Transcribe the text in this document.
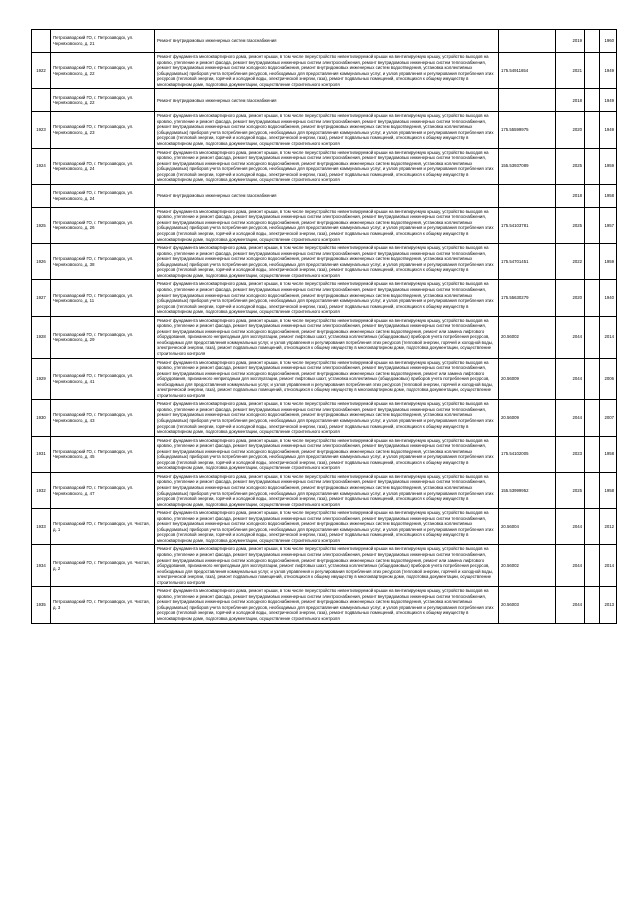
	Петрозаводский ГО, г. Петрозаводск, ул. Черняховского, д. 21	Ремонт внутридомовых инженерных систем газоснабжения		2019		1960
1922	Петрозаводский ГО, г. Петрозаводск, ул. Черняховского, д. 22	Ремонт фундамента многоквартирного дома, ремонт крыши, в том числе переустройство невентилируемой крыши на вентилируемую крышу, устройство выходов на кровлю, утепление и ремонт фасада, ремонт внутридомовых инженерных систем электроснабжения, ремонт внутридомовых инженерных систем теплоснабжения, ремонт внутридомовых инженерных систем холодного водоснабжения, ремонт внутридомовых инженерных систем водоотведения, установка коллективных (общедомовых) приборов учета потребления ресурсов, необходимых для предоставления коммунальных услуг, и узлов управления и регулирования потребления этих ресурсов (тепловой энергии, горячей и холодной воды, электрической энергии, газа), ремонт подвальных помещений, относящихся к общему имуществу в многоквартирном доме, подготовка документации, осуществление строительного контроля	175.54911654	2021		1949
	Петрозаводский ГО, г. Петрозаводск, ул. Черняховского, д. 22	Ремонт внутридомовых инженерных систем газоснабжения		2018		1949
1923	Петрозаводский ГО, г. Петрозаводск, ул. Черняховского, д. 23	Ремонт фундамента многоквартирного дома, ремонт крыши, в том числе переустройство невентилируемой крыши на вентилируемую крышу, устройство выходов на кровлю, утепление и ремонт фасада, ремонт внутридомовых инженерных систем электроснабжения, ремонт внутридомовых инженерных систем теплоснабжения, ремонт внутридомовых инженерных систем холодного водоснабжения, ремонт внутридомовых инженерных систем водоотведения, установка коллективных (общедомовых) приборов учета потребления ресурсов, необходимых для предоставления коммунальных услуг, и узлов управления и регулирования потребления этих ресурсов (тепловой энергии, горячей и холодной воды, электрической энергии, газа), ремонт подвальных помещений, относящихся к общему имуществу в многоквартирном доме, подготовка документации, осуществление строительного контроля	175.55599975	2020		1949
1924	Петрозаводский ГО, г. Петрозаводск, ул. Черняховского, д. 24	Ремонт фундамента многоквартирного дома, ремонт крыши, в том числе переустройство невентилируемой крыши на вентилируемую крышу, устройство выходов на кровлю, утепление и ремонт фасада, ремонт внутридомовых инженерных систем электроснабжения, ремонт внутридомовых инженерных систем теплоснабжения, ремонт внутридомовых инженерных систем холодного водоснабжения, ремонт внутридомовых инженерных систем водоотведения, установка коллективных (общедомовых) приборов учета потребления ресурсов, необходимых для предоставления коммунальных услуг, и узлов управления и регулирования потребления этих ресурсов (тепловой энергии, горячей и холодной воды, электрической энергии, газа), ремонт подвальных помещений, относящихся к общему имуществу в многоквартирном доме, подготовка документации, осуществление строительного контроля	155.53937089	2025		1959
	Петрозаводский ГО, г. Петрозаводск, ул. Черняховского, д. 24	Ремонт внутридомовых инженерных систем газоснабжения		2018		1958
1925	Петрозаводский ГО, г. Петрозаводск, ул. Черняховского, д. 26	Ремонт фундамента многоквартирного дома, ремонт крыши, в том числе переустройство невентилируемой крыши на вентилируемую крышу, устройство выходов на кровлю, утепление и ремонт фасада, ремонт внутридомовых инженерных систем электроснабжения, ремонт внутридомовых инженерных систем теплоснабжения, ремонт внутридомовых инженерных систем холодного водоснабжения, ремонт внутридомовых инженерных систем водоотведения, установка коллективных (общедомовых) приборов учета потребления ресурсов, необходимых для предоставления коммунальных услуг, и узлов управления и регулирования потребления этих ресурсов (тепловой энергии, горячей и холодной воды, электрической энергии, газа), ремонт подвальных помещений, относящихся к общему имуществу в многоквартирном доме, подготовка документации, осуществление строительного контроля	175.54103781	2025		1957
1926	Петрозаводский ГО, г. Петрозаводск, ул. Черняховского, д. 38	Ремонт фундамента многоквартирного дома, ремонт крыши, в том числе переустройство невентилируемой крыши на вентилируемую крышу, устройство выходов на кровлю, утепление и ремонт фасада, ремонт внутридомовых инженерных систем электроснабжения, ремонт внутридомовых инженерных систем теплоснабжения, ремонт внутридомовых инженерных систем холодного водоснабжения, ремонт внутридомовых инженерных систем водоотведения, установка коллективных (общедомовых) приборов учета потребления ресурсов, необходимых для предоставления коммунальных услуг, и узлов управления и регулирования потребления этих ресурсов (тепловой энергии, горячей и холодной воды, электрической энергии, газа), ремонт подвальных помещений, относящихся к общему имуществу в многоквартирном доме, подготовка документации, осуществление строительного контроля	175.54701451	2022		1959
1927	Петрозаводский ГО, г. Петрозаводск, ул. Черняховского, д. 11	Ремонт фундамента многоквартирного дома, ремонт крыши, в том числе переустройство невентилируемой крыши на вентилируемую крышу, устройство выходов на кровлю, утепление и ремонт фасада, ремонт внутридомовых инженерных систем электроснабжения, ремонт внутридомовых инженерных систем теплоснабжения, ремонт внутридомовых инженерных систем холодного водоснабжения, ремонт внутридомовых инженерных систем водоотведения, установка коллективных (общедомовых) приборов учета потребления ресурсов, необходимых для предоставления коммунальных услуг, и узлов управления и регулирования потребления этих ресурсов (тепловой энергии, горячей и холодной воды, электрической энергии, газа), ремонт подвальных помещений, относящихся к общему имуществу в многоквартирном доме, подготовка документации, осуществление строительного контроля	175.55630279	2020		1940
1928	Петрозаводский ГО, г. Петрозаводск, ул. Черняховского, д. 29	Ремонт фундамента многоквартирного дома, ремонт крыши, в том числе переустройство невентилируемой крыши на вентилируемую крышу, устройство выходов на кровлю, утепление и ремонт фасада, ремонт внутридомовых инженерных систем электроснабжения, ремонт внутридомовых инженерных систем теплоснабжения, ремонт внутридомовых инженерных систем холодного водоснабжения, ремонт внутридомовых инженерных систем водоотведения, ремонт или замена лифтового оборудования, признанного непригодным для эксплуатации, ремонт лифтовых шахт, установка коллективных (общедомовых) приборов учета потребления ресурсов, необходимых для предоставления коммунальных услуг, и узлов управления и регулирования потребления этих ресурсов (тепловой энергии, горячей и холодной воды, электрической энергии, газа), ремонт подвальных помещений, относящихся к общему имуществу в многоквартирном доме, подготовка документации, осуществление строительного контроля	20.56002	2044		2014
1929	Петрозаводский ГО, г. Петрозаводск, ул. Черняховского, д. 41	Ремонт фундамента многоквартирного дома, ремонт крыши, в том числе переустройство невентилируемой крыши на вентилируемую крышу, устройство выходов на кровлю, утепление и ремонт фасада, ремонт внутридомовых инженерных систем электроснабжения, ремонт внутридомовых инженерных систем теплоснабжения, ремонт внутридомовых инженерных систем холодного водоснабжения, ремонт внутридомовых инженерных систем водоотведения, ремонт или замена лифтового оборудования, признанного непригодным для эксплуатации, ремонт лифтовых шахт, установка коллективных (общедомовых) приборов учета потребления ресурсов, необходимых для предоставления коммунальных услуг, и узлов управления и регулирования потребления этих ресурсов (тепловой энергии, горячей и холодной воды, электрической энергии, газа), ремонт подвальных помещений, относящихся к общему имуществу в многоквартирном доме, подготовка документации, осуществление строительного контроля	20.56009	2044		2006
1930	Петрозаводский ГО, г. Петрозаводск, ул. Черняховского, д. 43	Ремонт фундамента многоквартирного дома, ремонт крыши, в том числе переустройство невентилируемой крыши на вентилируемую крышу, устройство выходов на кровлю, утепление и ремонт фасада, ремонт внутридомовых инженерных систем электроснабжения, ремонт внутридомовых инженерных систем теплоснабжения, ремонт внутридомовых инженерных систем холодного водоснабжения, ремонт внутридомовых инженерных систем водоотведения, установка коллективных (общедомовых) приборов учета потребления ресурсов, необходимых для предоставления коммунальных услуг, и узлов управления и регулирования потребления этих ресурсов (тепловой энергии, горячей и холодной воды, электрической энергии, газа), ремонт подвальных помещений, относящихся к общему имуществу в многоквартирном доме, подготовка документации, осуществление строительного контроля	20.56009	2044		2007
1931	Петрозаводский ГО, г. Петрозаводск, ул. Черняховского, д. 45	Ремонт фундамента многоквартирного дома, ремонт крыши, в том числе переустройство невентилируемой крыши на вентилируемую крышу, устройство выходов на кровлю, утепление и ремонт фасада, ремонт внутридомовых инженерных систем электроснабжения, ремонт внутридомовых инженерных систем теплоснабжения, ремонт внутридомовых инженерных систем холодного водоснабжения, ремонт внутридомовых инженерных систем водоотведения, установка коллективных (общедомовых) приборов учета потребления ресурсов, необходимых для предоставления коммунальных услуг, и узлов управления и регулирования потребления этих ресурсов (тепловой энергии, горячей и холодной воды, электрической энергии, газа), ремонт подвальных помещений, относящихся к общему имуществу в многоквартирном доме, подготовка документации, осуществление строительного контроля	175.54102005	2023		1958
1932	Петрозаводский ГО, г. Петрозаводск, ул. Черняховского, д. 47	Ремонт фундамента многоквартирного дома, ремонт крыши, в том числе переустройство невентилируемой крыши на вентилируемую крышу, устройство выходов на кровлю, утепление и ремонт фасада, ремонт внутридомовых инженерных систем электроснабжения, ремонт внутридомовых инженерных систем теплоснабжения, ремонт внутридомовых инженерных систем холодного водоснабжения, ремонт внутридомовых инженерных систем водоотведения, установка коллективных (общедомовых) приборов учета потребления ресурсов, необходимых для предоставления коммунальных услуг, и узлов управления и регулирования потребления этих ресурсов (тепловой энергии, горячей и холодной воды, электрической энергии, газа), ремонт подвальных помещений, относящихся к общему имуществу в многоквартирном доме, подготовка документации, осуществление строительного контроля	155.53999952	2025		1958
1933	Петрозаводский ГО, г. Петрозаводск, ул. Чистая, д. 1	Ремонт фундамента многоквартирного дома, ремонт крыши, в том числе переустройство невентилируемой крыши на вентилируемую крышу, устройство выходов на кровлю, утепление и ремонт фасада, ремонт внутридомовых инженерных систем электроснабжения, ремонт внутридомовых инженерных систем теплоснабжения, ремонт внутридомовых инженерных систем холодного водоснабжения, ремонт внутридомовых инженерных систем водоотведения, установка коллективных (общедомовых) приборов учета потребления ресурсов, необходимых для предоставления коммунальных услуг, и узлов управления и регулирования потребления этих ресурсов (тепловой энергии, горячей и холодной воды, электрической энергии, газа), ремонт подвальных помещений, относящихся к общему имуществу в многоквартирном доме, подготовка документации, осуществление строительного контроля	20.56004	2044		2012
1934	Петрозаводский ГО, г. Петрозаводск, ул. Чистая, д. 2	Ремонт фундамента многоквартирного дома, ремонт крыши, в том числе переустройство невентилируемой крыши на вентилируемую крышу, устройство выходов на кровлю, утепление и ремонт фасада, ремонт внутридомовых инженерных систем электроснабжения, ремонт внутридомовых инженерных систем теплоснабжения, ремонт внутридомовых инженерных систем холодного водоснабжения, ремонт внутридомовых инженерных систем водоотведения, ремонт или замена лифтового оборудования, признанного непригодным для эксплуатации, ремонт лифтовых шахт, установка коллективных (общедомовых) приборов учета потребления ресурсов, необходимых для предоставления коммунальных услуг, и узлов управления и регулирования потребления этих ресурсов (тепловой энергии, горячей и холодной воды, электрической энергии, газа), ремонт подвальных помещений, относящихся к общему имуществу в многоквартирном доме, подготовка документации, осуществление строительного контроля	20.56002	2044		2014
1935	Петрозаводский ГО, г. Петрозаводск, ул. Чистая, д. 3	Ремонт фундамента многоквартирного дома, ремонт крыши, в том числе переустройство невентилируемой крыши на вентилируемую крышу, устройство выходов на кровлю, утепление и ремонт фасада, ремонт внутридомовых инженерных систем электроснабжения, ремонт внутридомовых инженерных систем теплоснабжения, ремонт внутридомовых инженерных систем холодного водоснабжения, ремонт внутридомовых инженерных систем водоотведения, установка коллективных (общедомовых) приборов учета потребления ресурсов, необходимых для предоставления коммунальных услуг, и узлов управления и регулирования потребления этих ресурсов (тепловой энергии, горячей и холодной воды, электрической энергии, газа), ремонт подвальных помещений, относящихся к общему имуществу в многоквартирном доме, подготовка документации, осуществление строительного контроля	20.56003	2044		2013
